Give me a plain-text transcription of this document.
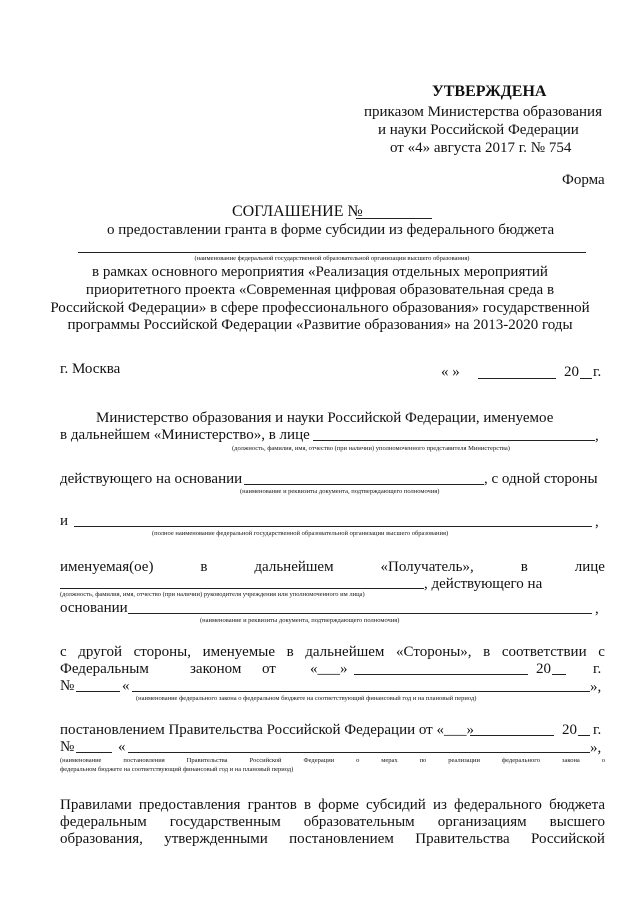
УТВЕРЖДЕНА
приказом Министерства образования
и науки Российской Федерации
от «4» августа 2017 г. № 754
Форма
СОГЛАШЕНИЕ №
о предоставлении гранта в форме субсидии из федерального бюджета
(наименование федеральной государственной образовательной организации высшего образования)
в рамках основного мероприятия «Реализация отдельных мероприятий
приоритетного проекта «Современная цифровая образовательная среда в
Российской Федерации» в сфере профессионального образования» государственной
программы Российской Федерации «Развитие образования» на 2013-2020 годы
г. Москва	« »	20 г.
Министерство образования и науки Российской Федерации, именуемое
в дальнейшем «Министерство», в лице	,
(должность, фамилия, имя, отчество (при наличии) уполномоченного представителя Министерства)
действующего на основании	, с одной стороны
(наименование и реквизиты документа, подтверждающего полномочия)
и	,
(полное наименование федеральной государственной образовательной организации высшего образования)
именуемая(ое)	в	дальнейшем	«Получатель»,	в	лице
, действующего на
(должность, фамилия, имя, отчество (при наличии) руководителя учреждения или уполномоченного им лица)
основании	,
(наименование и реквизиты документа, подтверждающего полномочия)
с другой стороны, именуемые в дальнейшем «Стороны», в соответствии с
Федеральным	законом от «___»	20	г.
№	«	»,
(наименование федерального закона о федеральном бюджете на соответствующий финансовый год и на плановый период)
постановлением Правительства Российской Федерации от «___»	20 г.
№	«	»,
(наименование постановления Правительства Российской Федерации о мерах по реализации федерального закона о
федеральном бюджете на соответствующий финансовый год и на плановый период)
Правилами предоставления грантов в форме субсидий из федерального бюджета
федеральным государственным образовательным организациям высшего
образования, утвержденными постановлением Правительства Российской
